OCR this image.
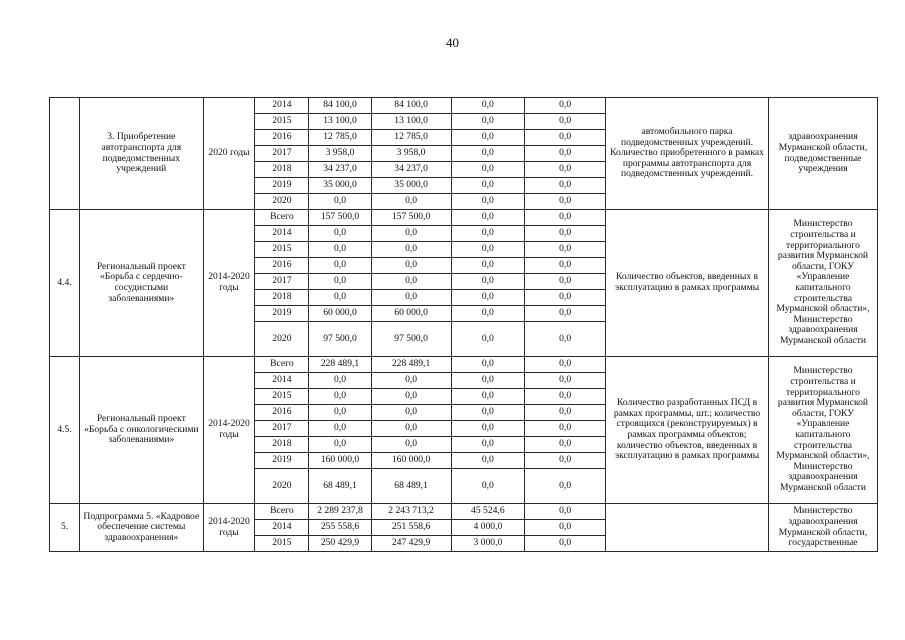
40
	3. Приобретение автотранспорта для подведомственных учреждений	2020 годы	2014	84 100,0	84 100,0	0,0	0,0	автомобильного парка подведомственных учреждений. Количество приобретенного в рамках программы автотранспорта для подведомственных учреждений.	здравоохранения Мурманской области, подведомственные учреждения
			2015	13 100,0	13 100,0	0,0	0,0		
			2016	12 785,0	12 785,0	0,0	0,0		
			2017	3 958,0	3 958,0	0,0	0,0		
			2018	34 237,0	34 237,0	0,0	0,0		
			2019	35 000,0	35 000,0	0,0	0,0		
			2020	0,0	0,0	0,0	0,0		
4.4.	Региональный проект «Борьба с сердечно-сосудистыми заболеваниями»	2014-2020 годы	Всего	157 500,0	157 500,0	0,0	0,0	Количество объектов, введенных в эксплуатацию в рамках программы	Министерство строительства и территориального развития Мурманской области, ГОКУ «Управление капитального строительства Мурманской области», Министерство здравоохранения Мурманской области
			2014	0,0	0,0	0,0	0,0		
			2015	0,0	0,0	0,0	0,0		
			2016	0,0	0,0	0,0	0,0		
			2017	0,0	0,0	0,0	0,0		
			2018	0,0	0,0	0,0	0,0		
			2019	60 000,0	60 000,0	0,0	0,0		
			2020	97 500,0	97 500,0	0,0	0,0		
4.5.	Региональный проект «Борьба с онкологическими заболеваниями»	2014-2020 годы	Всего	228 489,1	228 489,1	0,0	0,0	Количество разработанных ПСД в рамках программы, шт.; количество строящихся (реконструируемых) в рамках программы объектов; количество объектов, введенных в эксплуатацию в рамках программы	Министерство строительства и территориального развития Мурманской области, ГОКУ «Управление капитального строительства Мурманской области», Министерство здравоохранения Мурманской области
			2014	0,0	0,0	0,0	0,0		
			2015	0,0	0,0	0,0	0,0		
			2016	0,0	0,0	0,0	0,0		
			2017	0,0	0,0	0,0	0,0		
			2018	0,0	0,0	0,0	0,0		
			2019	160 000,0	160 000,0	0,0	0,0		
			2020	68 489,1	68 489,1	0,0	0,0		
5.	Подпрограмма 5. «Кадровое обеспечение системы здравоохранения»	2014-2020 годы	Всего	2 289 237,8	2 243 713,2	45 524,6	0,0		Министерство здравоохранения Мурманской области, государственные
			2014	255 558,6	251 558,6	4 000,0	0,0		
			2015	250 429,9	247 429,9	3 000,0	0,0		
